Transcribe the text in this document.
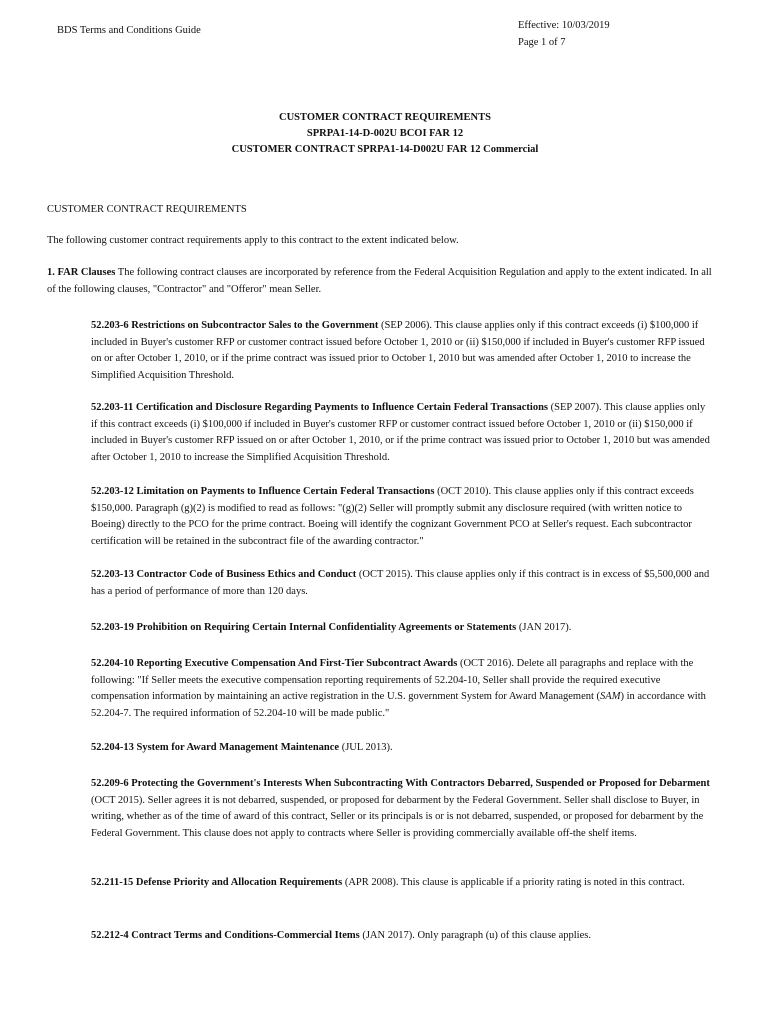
BDS Terms and Conditions Guide	Effective: 10/03/2019
Page 1 of 7
CUSTOMER CONTRACT REQUIREMENTS
SPRPA1-14-D-002U BCOI FAR 12
CUSTOMER CONTRACT SPRPA1-14-D002U FAR 12 Commercial
CUSTOMER CONTRACT REQUIREMENTS
The following customer contract requirements apply to this contract to the extent indicated below.
1. FAR Clauses The following contract clauses are incorporated by reference from the Federal Acquisition Regulation and apply to the extent indicated. In all of the following clauses, "Contractor" and "Offeror" mean Seller.
52.203-6 Restrictions on Subcontractor Sales to the Government (SEP 2006). This clause applies only if this contract exceeds (i) $100,000 if included in Buyer's customer RFP or customer contract issued before October 1, 2010 or (ii) $150,000 if included in Buyer's customer RFP issued on or after October 1, 2010, or if the prime contract was issued prior to October 1, 2010 but was amended after October 1, 2010 to increase the Simplified Acquisition Threshold.
52.203-11 Certification and Disclosure Regarding Payments to Influence Certain Federal Transactions (SEP 2007). This clause applies only if this contract exceeds (i) $100,000 if included in Buyer's customer RFP or customer contract issued before October 1, 2010 or (ii) $150,000 if included in Buyer's customer RFP issued on or after October 1, 2010, or if the prime contract was issued prior to October 1, 2010 but was amended after October 1, 2010 to increase the Simplified Acquisition Threshold.
52.203-12 Limitation on Payments to Influence Certain Federal Transactions (OCT 2010). This clause applies only if this contract exceeds $150,000. Paragraph (g)(2) is modified to read as follows: "(g)(2) Seller will promptly submit any disclosure required (with written notice to Boeing) directly to the PCO for the prime contract. Boeing will identify the cognizant Government PCO at Seller's request. Each subcontractor certification will be retained in the subcontract file of the awarding contractor."
52.203-13 Contractor Code of Business Ethics and Conduct (OCT 2015). This clause applies only if this contract is in excess of $5,500,000 and has a period of performance of more than 120 days.
52.203-19 Prohibition on Requiring Certain Internal Confidentiality Agreements or Statements (JAN 2017).
52.204-10 Reporting Executive Compensation And First-Tier Subcontract Awards (OCT 2016). Delete all paragraphs and replace with the following: "If Seller meets the executive compensation reporting requirements of 52.204-10, Seller shall provide the required executive compensation information by maintaining an active registration in the U.S. government System for Award Management (SAM) in accordance with 52.204-7. The required information of 52.204-10 will be made public."
52.204-13 System for Award Management Maintenance (JUL 2013).
52.209-6 Protecting the Government's Interests When Subcontracting With Contractors Debarred, Suspended or Proposed for Debarment (OCT 2015). Seller agrees it is not debarred, suspended, or proposed for debarment by the Federal Government. Seller shall disclose to Buyer, in writing, whether as of the time of award of this contract, Seller or its principals is or is not debarred, suspended, or proposed for debarment by the Federal Government. This clause does not apply to contracts where Seller is providing commercially available off-the shelf items.
52.211-15 Defense Priority and Allocation Requirements (APR 2008). This clause is applicable if a priority rating is noted in this contract.
52.212-4 Contract Terms and Conditions-Commercial Items (JAN 2017). Only paragraph (u) of this clause applies.
